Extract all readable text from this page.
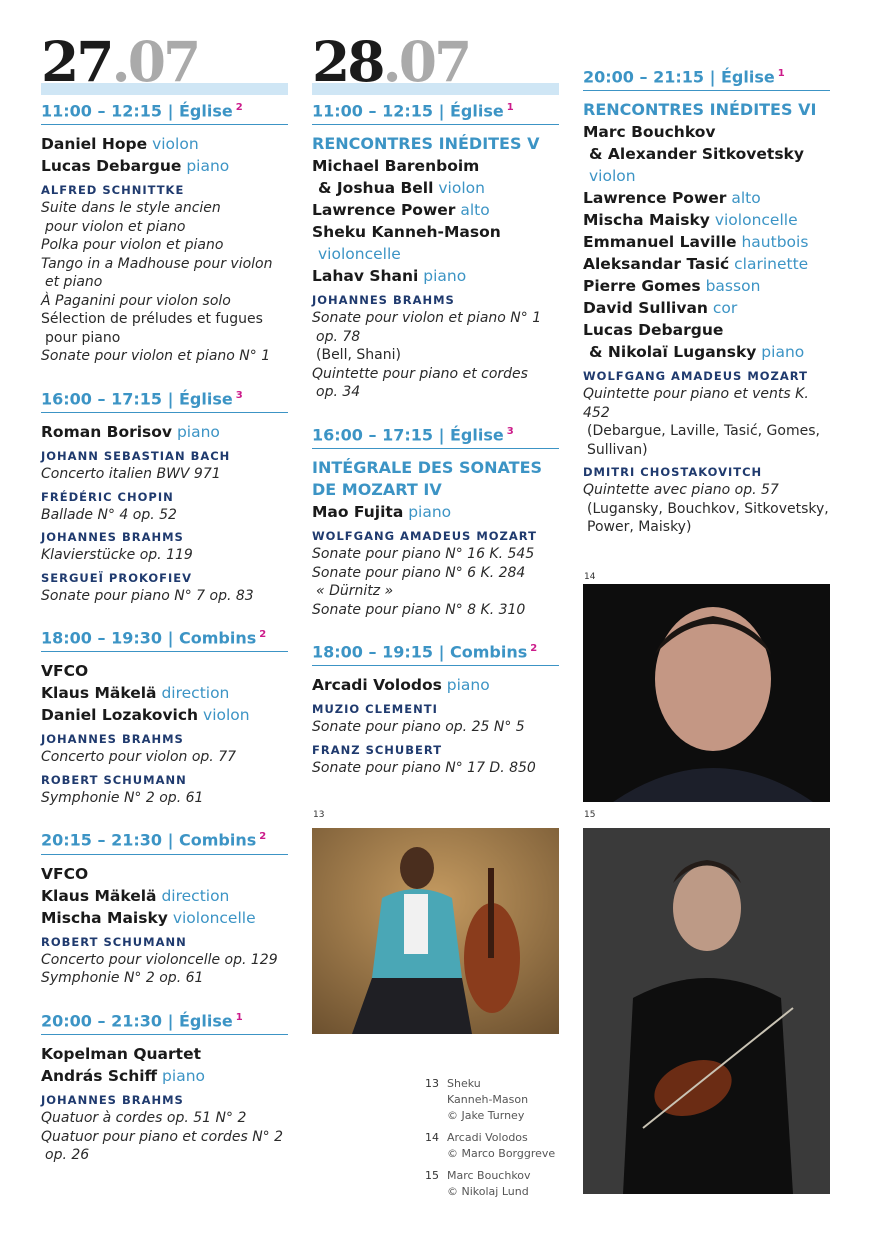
27.07
11:00 – 12:15 | Église $^2$
Daniel Hope violon
Lucas Debargue piano
ALFRED SCHNITTKE
Suite dans le style ancien
pour violon et piano
Polka pour violon et piano
Tango in a Madhouse pour violon
et piano
À Paganini pour violon solo
Sélection de préludes et fugues
pour piano
Sonate pour violon et piano N° 1
16:00 – 17:15 | Église $^3$
Roman Borisov piano
JOHANN SEBASTIAN BACH
Concerto italien BWV 971
FRÉDÉRIC CHOPIN
Ballade N° 4 op. 52
JOHANNES BRAHMS
Klavierstücke op. 119
SERGUEÏ PROKOFIEV
Sonate pour piano N° 7 op. 83
18:00 – 19:30 | Combins $^2$
VFCO
Klaus Mäkelä direction
Daniel Lozakovich violon
JOHANNES BRAHMS
Concerto pour violon op. 77
ROBERT SCHUMANN
Symphonie N° 2 op. 61
20:15 – 21:30 | Combins $^2$
VFCO
Klaus Mäkelä direction
Mischa Maisky violoncelle
ROBERT SCHUMANN
Concerto pour violoncelle op. 129
Symphonie N° 2 op. 61
20:00 – 21:30 | Église $^1$
Kopelman Quartet
András Schiff piano
JOHANNES BRAHMS
Quatuor à cordes op. 51 N° 2
Quatuor pour piano et cordes N° 2
op. 26
28.07
11:00 – 12:15 | Église $^1$
RENCONTRES INÉDITES V
Michael Barenboim
& Joshua Bell violon
Lawrence Power alto
Sheku Kanneh-Mason
violoncelle
Lahav Shani piano
JOHANNES BRAHMS
Sonate pour violon et piano N° 1
op. 78
(Bell, Shani)
Quintette pour piano et cordes
op. 34
16:00 – 17:15 | Église $^3$
INTÉGRALE DES SONATES
DE MOZART IV
Mao Fujita piano
WOLFGANG AMADEUS MOZART
Sonate pour piano N° 16 K. 545
Sonate pour piano N° 6 K. 284
« Dürnitz »
Sonate pour piano N° 8 K. 310
18:00 – 19:15 | Combins $^2$
Arcadi Volodos piano
MUZIO CLEMENTI
Sonate pour piano op. 25 N° 5
FRANZ SCHUBERT
Sonate pour piano N° 17 D. 850
20:00 – 21:15 | Église $^1$
RENCONTRES INÉDITES VI
Marc Bouchkov
& Alexander Sitkovetsky violon
Lawrence Power alto
Mischa Maisky violoncelle
Emmanuel Laville hautbois
Aleksandar Tasić clarinette
Pierre Gomes basson
David Sullivan cor
Lucas Debargue
& Nikolaï Lugansky piano
WOLFGANG AMADEUS MOZART
Quintette pour piano et vents K. 452
(Debargue, Laville, Tasić, Gomes,
Sullivan)
DMITRI CHOSTAKOVITCH
Quintette avec piano op. 57
(Lugansky, Bouchkov, Sitkovetsky,
Power, Maisky)
13
14
15
13 Sheku
Kanneh-Mason
© Jake Turney
14 Arcadi Volodos
© Marco Borggreve
15 Marc Bouchkov
© Nikolaj Lund
